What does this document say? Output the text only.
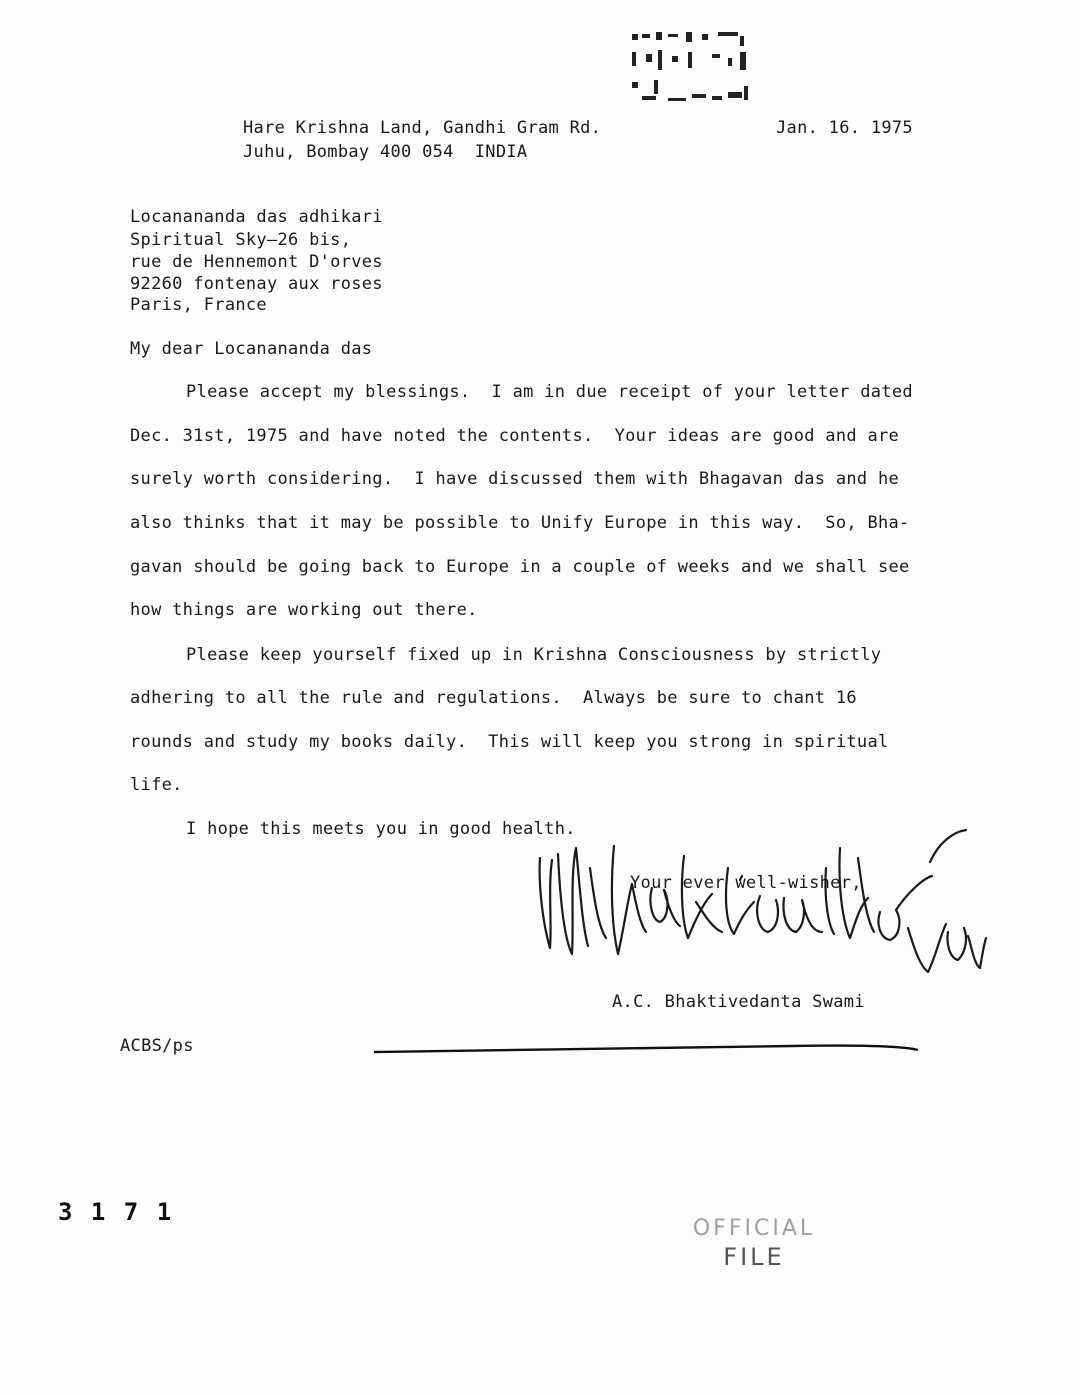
Hare Krishna Land, Gandhi Gram Rd.
Juhu, Bombay 400 054  INDIA
Jan. 16. 1975
Locanananda das adhikari
Spiritual Sky—26 bis,
rue de Hennemont D'orves
92260 fontenay aux roses
Paris, France
My dear Locanananda das
Please accept my blessings.  I am in due receipt of your letter dated
Dec. 31st, 1975 and have noted the contents.  Your ideas are good and are
surely worth considering.  I have discussed them with Bhagavan das and he
also thinks that it may be possible to Unify Europe in this way.  So, Bha-
gavan should be going back to Europe in a couple of weeks and we shall see
how things are working out there.
Please keep yourself fixed up in Krishna Consciousness by strictly
adhering to all the rule and regulations.  Always be sure to chant 16
rounds and study my books daily.  This will keep you strong in spiritual
life.
I hope this meets you in good health.
Your ever well-wisher,
A.C. Bhaktivedanta Swami
ACBS/ps
3 1 7 1
OFFICIAL
FILE
